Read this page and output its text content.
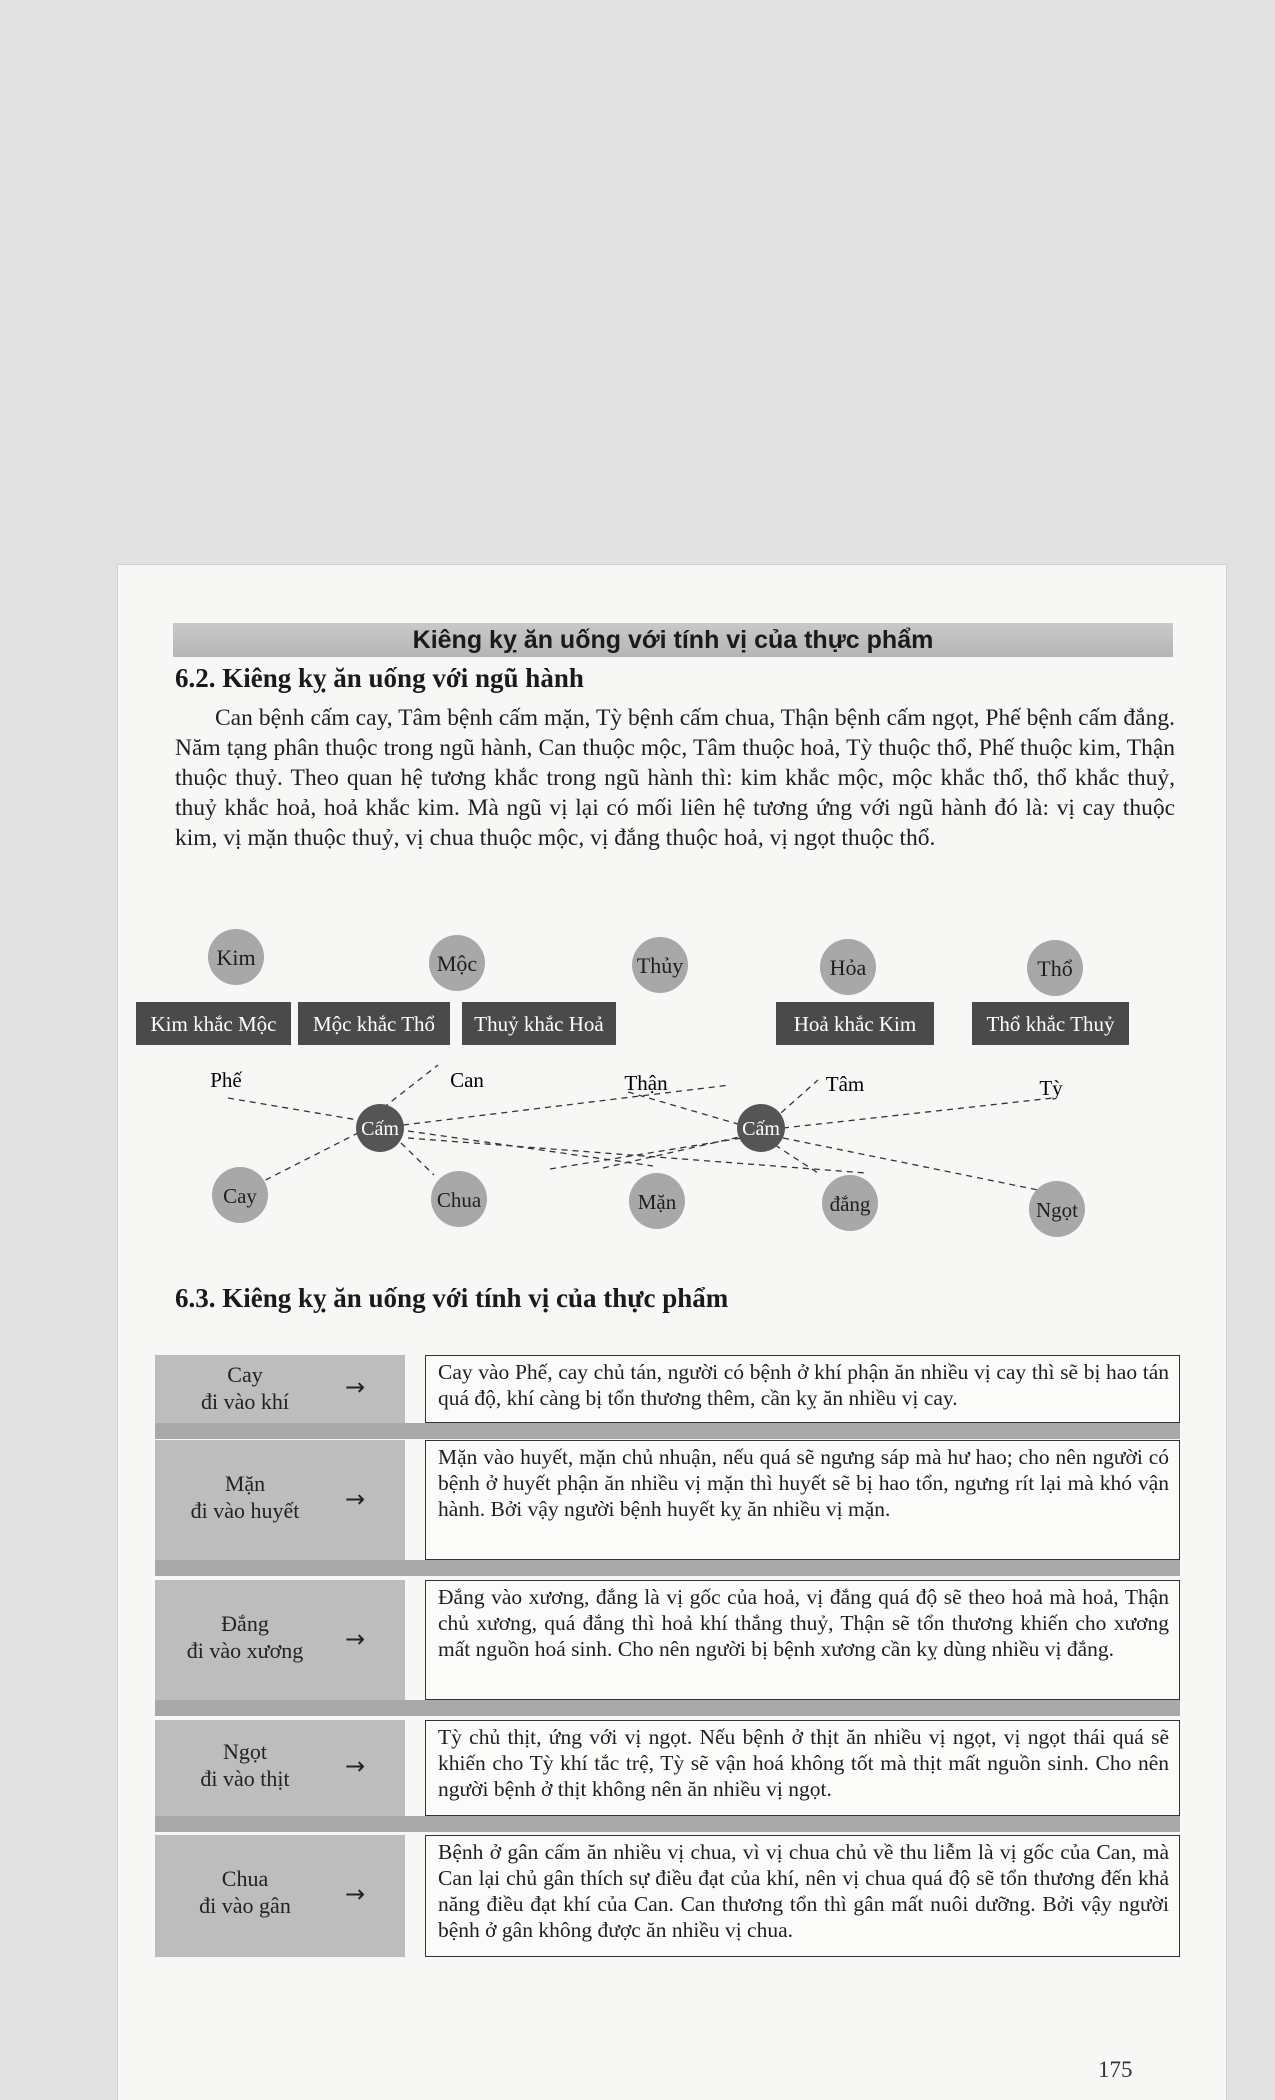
Kiêng kỵ ăn uống với tính vị của thực phẩm
6.2. Kiêng kỵ ăn uống với ngũ hành

Can bệnh cấm cay, Tâm bệnh cấm mặn, Tỳ bệnh cấm chua, Thận bệnh cấm ngọt, Phế bệnh cấm đắng. Năm tạng phân thuộc trong ngũ hành, Can thuộc mộc, Tâm thuộc hoả, Tỳ thuộc thổ, Phế thuộc kim, Thận thuộc thuỷ. Theo quan hệ tương khắc trong ngũ hành thì: kim khắc mộc, mộc khắc thổ, thổ khắc thuỷ, thuỷ khắc hoả, hoả khắc kim. Mà ngũ vị lại có mối liên hệ tương ứng với ngũ hành đó là: vị cay thuộc kim, vị mặn thuộc thuỷ, vị chua thuộc mộc, vị đắng thuộc hoả, vị ngọt thuộc thổ.

Kim	Mộc	Thủy	Hỏa	Thổ
Kim khắc Mộc Mộc khắc Thổ Thuỷ khắc Hoả	Hoả khắc Kim	Thổ khắc Thuỷ
Phế	Can	Thận	Tâm	Tỳ
Cấm	Cấm
Cay	Chua	Mặn	đắng	Ngọt
6.3. Kiêng kỵ ăn uống với tính vị của thực phẩm
Cay
đi vào khí
→
Cay vào Phế, cay chủ tán, người có bệnh ở khí phận ăn nhiều vị cay thì sẽ bị hao tán quá độ, khí càng bị tổn thương thêm, cần kỵ ăn nhiều vị cay.
Mặn
đi vào huyết	→
Mặn vào huyết, mặn chủ nhuận, nếu quá sẽ ngưng sáp mà hư hao; cho nên người có bệnh ở huyết phận ăn nhiều vị mặn thì huyết sẽ bị hao tổn, ngưng rít lại mà khó vận hành. Bởi vậy người bệnh huyết kỵ ăn nhiều vị mặn.
Đắng
đi vào xương	→
Đắng vào xương, đắng là vị gốc của hoả, vị đắng quá độ sẽ theo hoả mà hoả, Thận chủ xương, quá đắng thì hoả khí thắng thuỷ, Thận sẽ tổn thương khiến cho xương mất nguồn hoá sinh. Cho nên người bị bệnh xương cần kỵ dùng nhiều vị đắng.
Ngọt
đi vào thịt	→
Tỳ chủ thịt, ứng với vị ngọt. Nếu bệnh ở thịt ăn nhiều vị ngọt, vị ngọt thái quá sẽ khiến cho Tỳ khí tắc trệ, Tỳ sẽ vận hoá không tốt mà thịt mất nguồn sinh. Cho nên người bệnh ở thịt không nên ăn nhiều vị ngọt.
Chua
đi vào gân	→
Bệnh ở gân cấm ăn nhiều vị chua, vì vị chua chủ về thu liễm là vị gốc của Can, mà Can lại chủ gân thích sự điều đạt của khí, nên vị chua quá độ sẽ tổn thương đến khả năng điều đạt khí của Can. Can thương tổn thì gân mất nuôi dưỡng. Bởi vậy người bệnh ở gân không được ăn nhiều vị chua.
175
